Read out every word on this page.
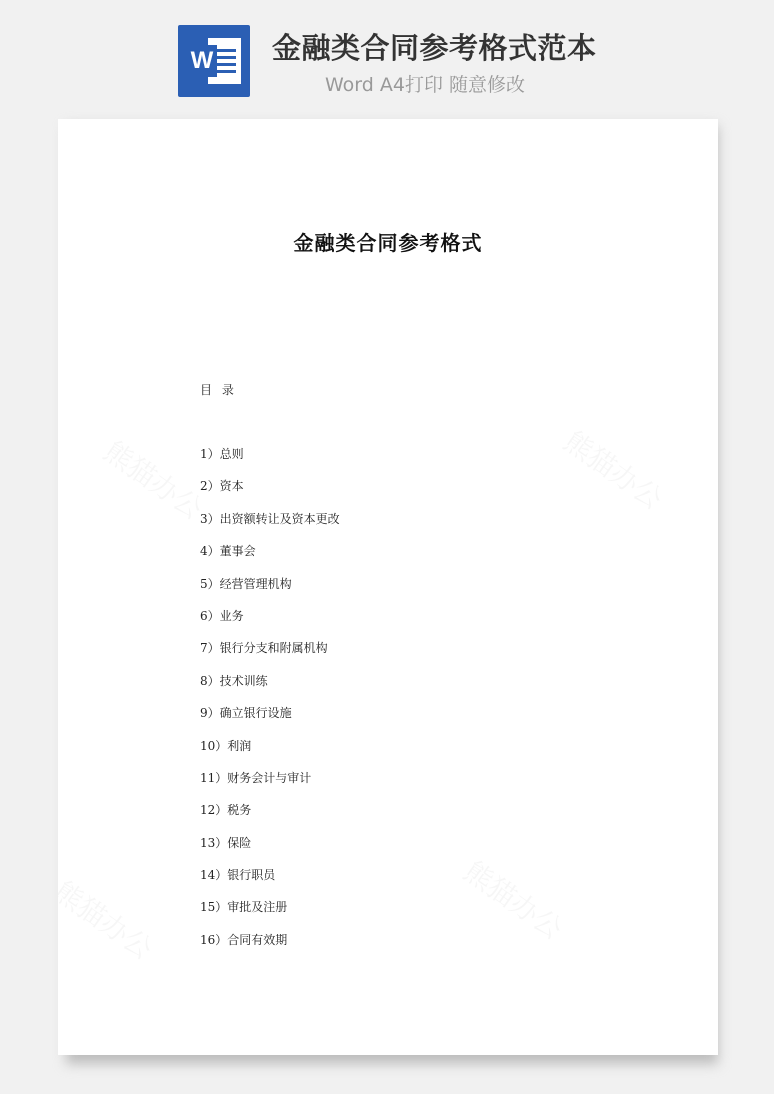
W 金融类合同参考格式范本
Word A4打印 随意修改
金融类合同参考格式
目 录
1）总则
2）资本
3）出资额转让及资本更改
4）董事会
5）经营管理机构
6）业务
7）银行分支和附属机构
8）技术训练
9）确立银行设施
10）利润
11）财务会计与审计
12）税务
13）保险
14）银行职员
15）审批及注册
16）合同有效期
